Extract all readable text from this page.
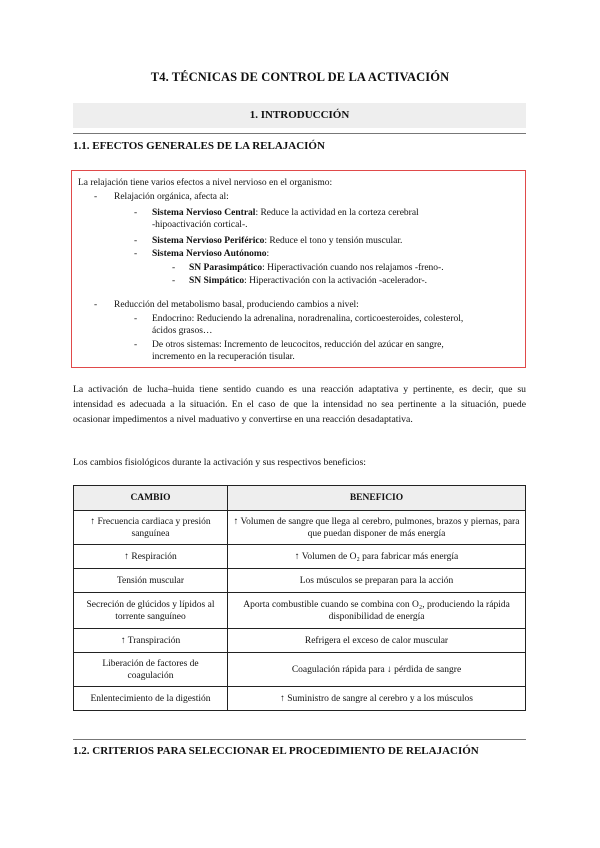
T4. TÉCNICAS DE CONTROL DE LA ACTIVACIÓN
1. INTRODUCCIÓN
1.1. EFECTOS GENERALES DE LA RELAJACIÓN
La relajación tiene varios efectos a nivel nervioso en el organismo:
- Relajación orgánica, afecta al:
- Sistema Nervioso Central: Reduce la actividad en la corteza cerebral
-hipoactivación cortical-.
- Sistema Nervioso Periférico: Reduce el tono y tensión muscular.
- Sistema Nervioso Autónomo:
- SN Parasimpático: Hiperactivación cuando nos relajamos -freno-.
- SN Simpático: Hiperactivación con la activación -acelerador-.
- Reducción del metabolismo basal, produciendo cambios a nivel:
- Endocrino: Reduciendo la adrenalina, noradrenalina, corticoesteroides, colesterol,
ácidos grasos…
- De otros sistemas: Incremento de leucocitos, reducción del azúcar en sangre,
incremento en la recuperación tisular.
La activación de lucha–huida tiene sentido cuando es una reacción adaptativa y pertinente, es decir, que su intensidad es adecuada a la situación. En el caso de que la intensidad no sea pertinente a la situación, puede ocasionar impedimentos a nivel maduativo y convertirse en una reacción desadaptativa.
Los cambios fisiológicos durante la activación y sus respectivos beneficios:
CAMBIO	BENEFICIO
↑ Frecuencia cardiaca y presión sanguínea	↑ Volumen de sangre que llega al cerebro, pulmones, brazos y piernas, para que puedan disponer de más energía
↑ Respiración	↑ Volumen de O₂ para fabricar más energía
Tensión muscular	Los músculos se preparan para la acción
Secreción de glúcidos y lípidos al torrente sanguíneo	Aporta combustible cuando se combina con O₂, produciendo la rápida disponibilidad de energía
↑ Transpiración	Refrigera el exceso de calor muscular
Liberación de factores de coagulación	Coagulación rápida para ↓ pérdida de sangre
Enlentecimiento de la digestión	↑ Suministro de sangre al cerebro y a los músculos
1.2. CRITERIOS PARA SELECCIONAR EL PROCEDIMIENTO DE RELAJACIÓN
